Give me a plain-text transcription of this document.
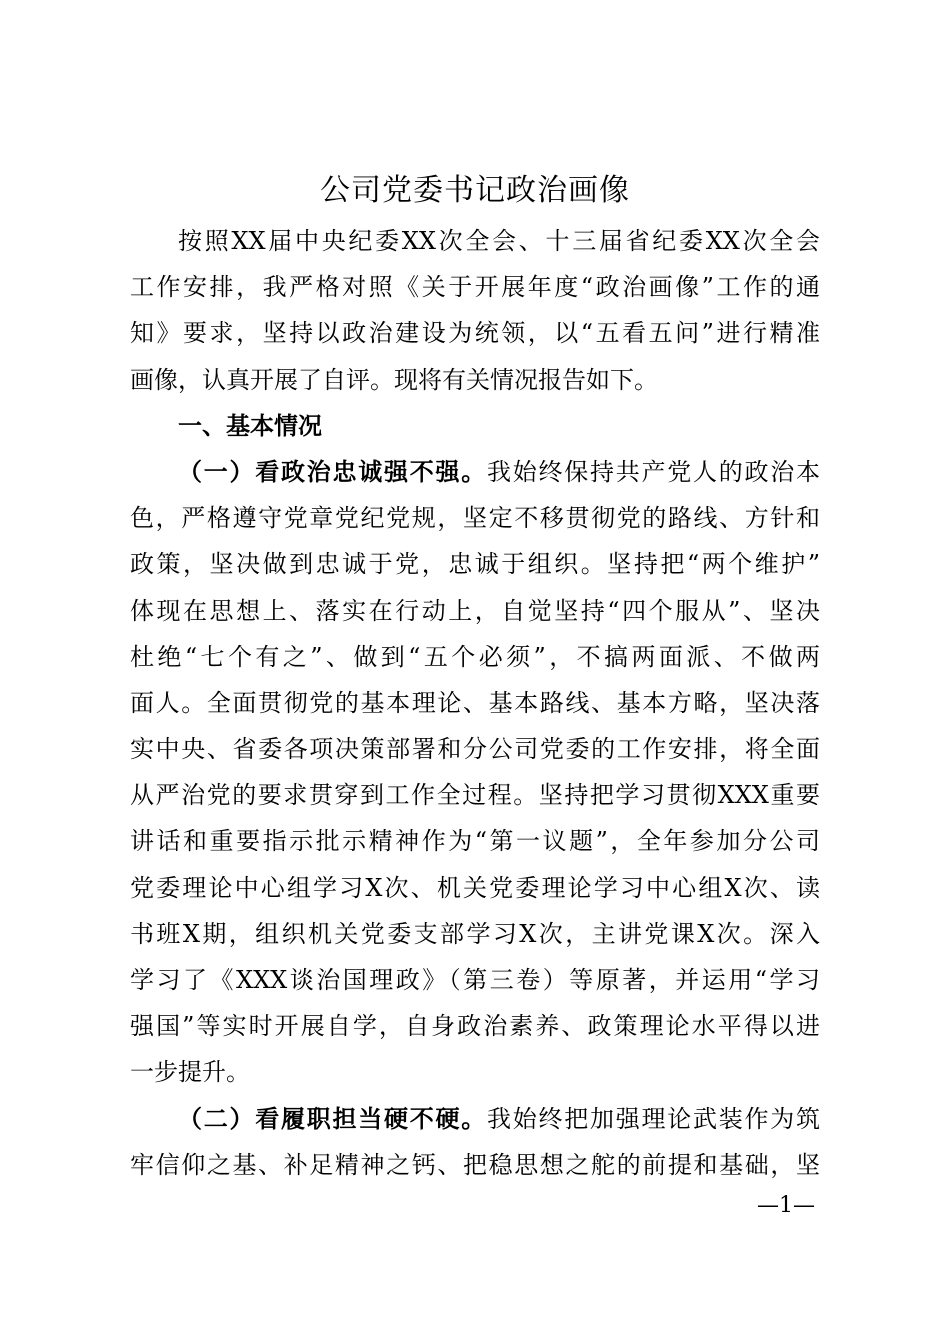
公司党委书记政治画像
按照XX届中央纪委XX次全会、十三届省纪委XX次全会
工作安排，我严格对照《关于开展年度“政治画像”工作的通
知》要求，坚持以政治建设为统领，以“五看五问”进行精准
画像，认真开展了自评。现将有关情况报告如下。
一、基本情况
（一）看政治忠诚强不强。我始终保持共产党人的政治本
色，严格遵守党章党纪党规，坚定不移贯彻党的路线、方针和
政策，坚决做到忠诚于党，忠诚于组织。坚持把“两个维护”
体现在思想上、落实在行动上，自觉坚持“四个服从”、坚决
杜绝“七个有之”、做到“五个必须”，不搞两面派、不做两
面人。全面贯彻党的基本理论、基本路线、基本方略，坚决落
实中央、省委各项决策部署和分公司党委的工作安排，将全面
从严治党的要求贯穿到工作全过程。坚持把学习贯彻XXX重要
讲话和重要指示批示精神作为“第一议题”，全年参加分公司
党委理论中心组学习X次、机关党委理论学习中心组X次、读
书班X期，组织机关党委支部学习X次，主讲党课X次。深入
学习了《XXX谈治国理政》（第三卷）等原著，并运用“学习
强国”等实时开展自学，自身政治素养、政策理论水平得以进
一步提升。
（二）看履职担当硬不硬。我始终把加强理论武装作为筑
牢信仰之基、补足精神之钙、把稳思想之舵的前提和基础，坚
—1—
